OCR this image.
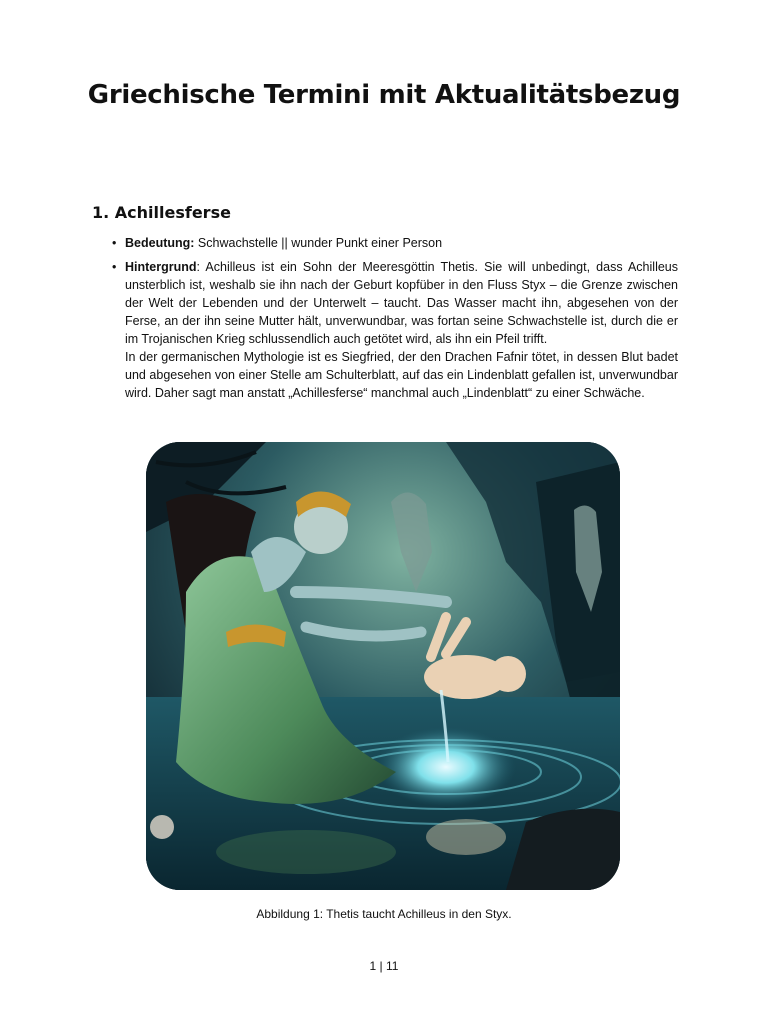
Griechische Termini mit Aktualitätsbezug
1. Achillesferse
• Bedeutung: Schwachstelle || wunder Punkt einer Person
• Hintergrund: Achilleus ist ein Sohn der Meeresgöttin Thetis. Sie will unbedingt, dass Achilleus unsterblich ist, weshalb sie ihn nach der Geburt kopfüber in den Fluss Styx – die Grenze zwischen der Welt der Lebenden und der Unterwelt – taucht. Das Wasser macht ihn, abgesehen von der Ferse, an der ihn seine Mutter hält, unverwundbar, was fortan seine Schwachstelle ist, durch die er im Trojanischen Krieg schlussendlich auch getötet wird, als ihn ein Pfeil trifft.
In der germanischen Mythologie ist es Siegfried, der den Drachen Fafnir tötet, in dessen Blut badet und abgesehen von einer Stelle am Schulterblatt, auf das ein Lindenblatt gefallen ist, unverwundbar wird. Daher sagt man anstatt „Achillesferse“ manchmal auch „Lindenblatt“ zu einer Schwäche.
Abbildung 1: Thetis taucht Achilleus in den Styx.
1 | 11
